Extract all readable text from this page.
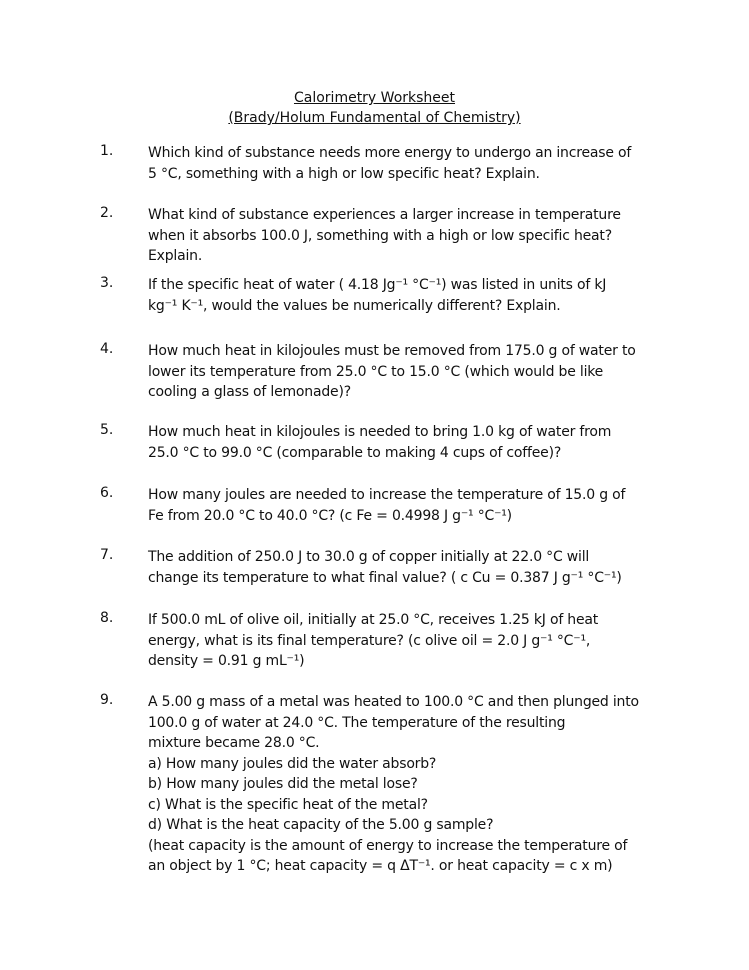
Calorimetry Worksheet
(Brady/Holum Fundamental of Chemistry)
1. Which kind of substance needs more energy to undergo an increase of
5 °C, something with a high or low specific heat? Explain.
2. What kind of substance experiences a larger increase in temperature
when it absorbs 100.0 J, something with a high or low specific heat?
Explain.
3. If the specific heat of water ( 4.18 Jg⁻¹ °C⁻¹) was listed in units of kJ
kg⁻¹ K⁻¹, would the values be numerically different? Explain.
4. How much heat in kilojoules must be removed from 175.0 g of water to
lower its temperature from 25.0 °C to 15.0 °C (which would be like
cooling a glass of lemonade)?
5. How much heat in kilojoules is needed to bring 1.0 kg of water from
25.0 °C to 99.0 °C (comparable to making 4 cups of coffee)?
6. How many joules are needed to increase the temperature of 15.0 g of
Fe from 20.0 °C to 40.0 °C? (c Fe = 0.4998 J g⁻¹ °C⁻¹)
7. The addition of 250.0 J to 30.0 g of copper initially at 22.0 °C will
change its temperature to what final value? ( c Cu = 0.387 J g⁻¹ °C⁻¹)
8. If 500.0 mL of olive oil, initially at 25.0 °C, receives 1.25 kJ of heat
energy, what is its final temperature? (c olive oil = 2.0 J g⁻¹ °C⁻¹,
density = 0.91 g mL⁻¹)
9. A 5.00 g mass of a metal was heated to 100.0 °C and then plunged into
100.0 g of water at 24.0 °C. The temperature of the resulting
mixture became 28.0 °C.
a) How many joules did the water absorb?
b) How many joules did the metal lose?
c) What is the specific heat of the metal?
d) What is the heat capacity of the 5.00 g sample?
(heat capacity is the amount of energy to increase the temperature of
an object by 1 °C; heat capacity = q ΔT⁻¹. or heat capacity = c x m)
